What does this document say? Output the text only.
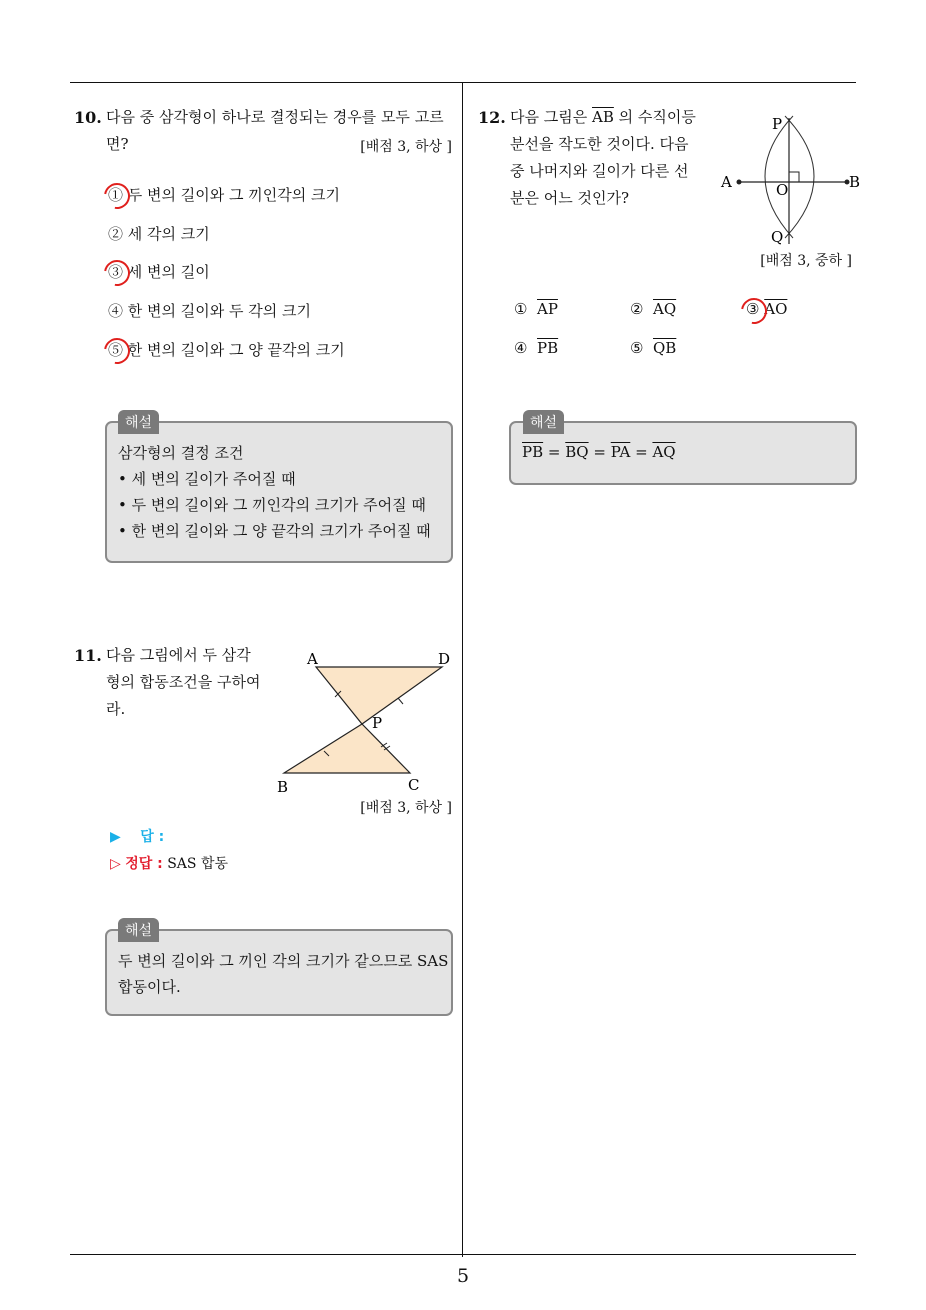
5
10. 다음 중 삼각형이 하나로 결정되는 경우를 모두 고르
면?	[배점 3, 하상 ]
① 두 변의 길이와 그 끼인각의 크기
② 세 각의 크기
③ 세 변의 길이
④ 한 변의 길이와 두 각의 크기
⑤ 한 변의 길이와 그 양 끝각의 크기
해설
삼각형의 결정 조건
• 세 변의 길이가 주어질 때
• 두 변의 길이와 그 끼인각의 크기가 주어질 때
• 한 변의 길이와 그 양 끝각의 크기가 주어질 때
11. 다음 그림에서 두 삼각
형의 합동조건을 구하여
라.
A	D
P
B	C
[배점 3, 하상 ]
▶ 답 :
▷ 정답 : SAS 합동
해설
두 변의 길이와 그 끼인 각의 크기가 같으므로 SAS
합동이다.
12. 다음 그림은 $\overline{AB}$ 의 수직이등
분선을 작도한 것이다. 다음
중 나머지와 길이가 다른 선
분은 어느 것인가?
A	B
O
P
Q
[배점 3, 중하 ]
① $\overline{AP}$	② $\overline{AQ}$	③ $\overline{AO}$
④ $\overline{PB}$	⑤ $\overline{QB}$
해설
$\overline{PB} = \overline{BQ} = \overline{PA} = \overline{AQ}$
